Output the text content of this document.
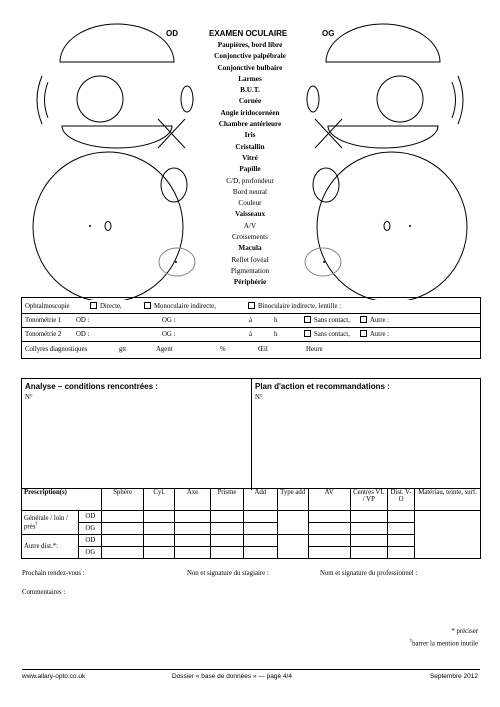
OD	EXAMEN OCULAIRE	OG
Paupières, bord libre
Conjonctive palpébrale
Conjonctive bulbaire
Larmes
B.U.T.
Cornée
Angle iridocornéen
Chambre antérieure
Iris
Cristallin
Vitré
Papille
C/D, profondeur
Bord neural
Couleur
Vaisseaux
A/V
Croisements
Macula
Reflet fovéal
Pigmentation
Périphérie
Ophtalmoscopie	Directe,	Monoculaire indirecte,	Binoculaire indirecte, lentille :
Tonométrie 1 OD :	OG :	à	h	Sans contact,	Autre :
Tonométrie 2 OD :	OG :	à	h	Sans contact,	Autre :
Collyres diagnostiques	gtt	Agent	%	Œil	Heure
Analyse – conditions rencontrées :
N°
Plan d'action et recommandations :
N°
Prescription(s)		Sphère	Cyl.	Axe	Prisme	Add	Type add	AV	Centres VL / VP	Dist. V-O	Matériau, teinte, surf.
Générale / loin / près†	OD										
	OG										
Autre dist.*:	OD										
	OG										
Prochain rendez-vous :	Non et signature du stagiaire :	Nom et signature du professionnel :
Commentaires :
* préciser
†barrer la mention inutile
www.allary-opto.co.uk	Dossier « base de données » — page 4/4	Septembre 2012
